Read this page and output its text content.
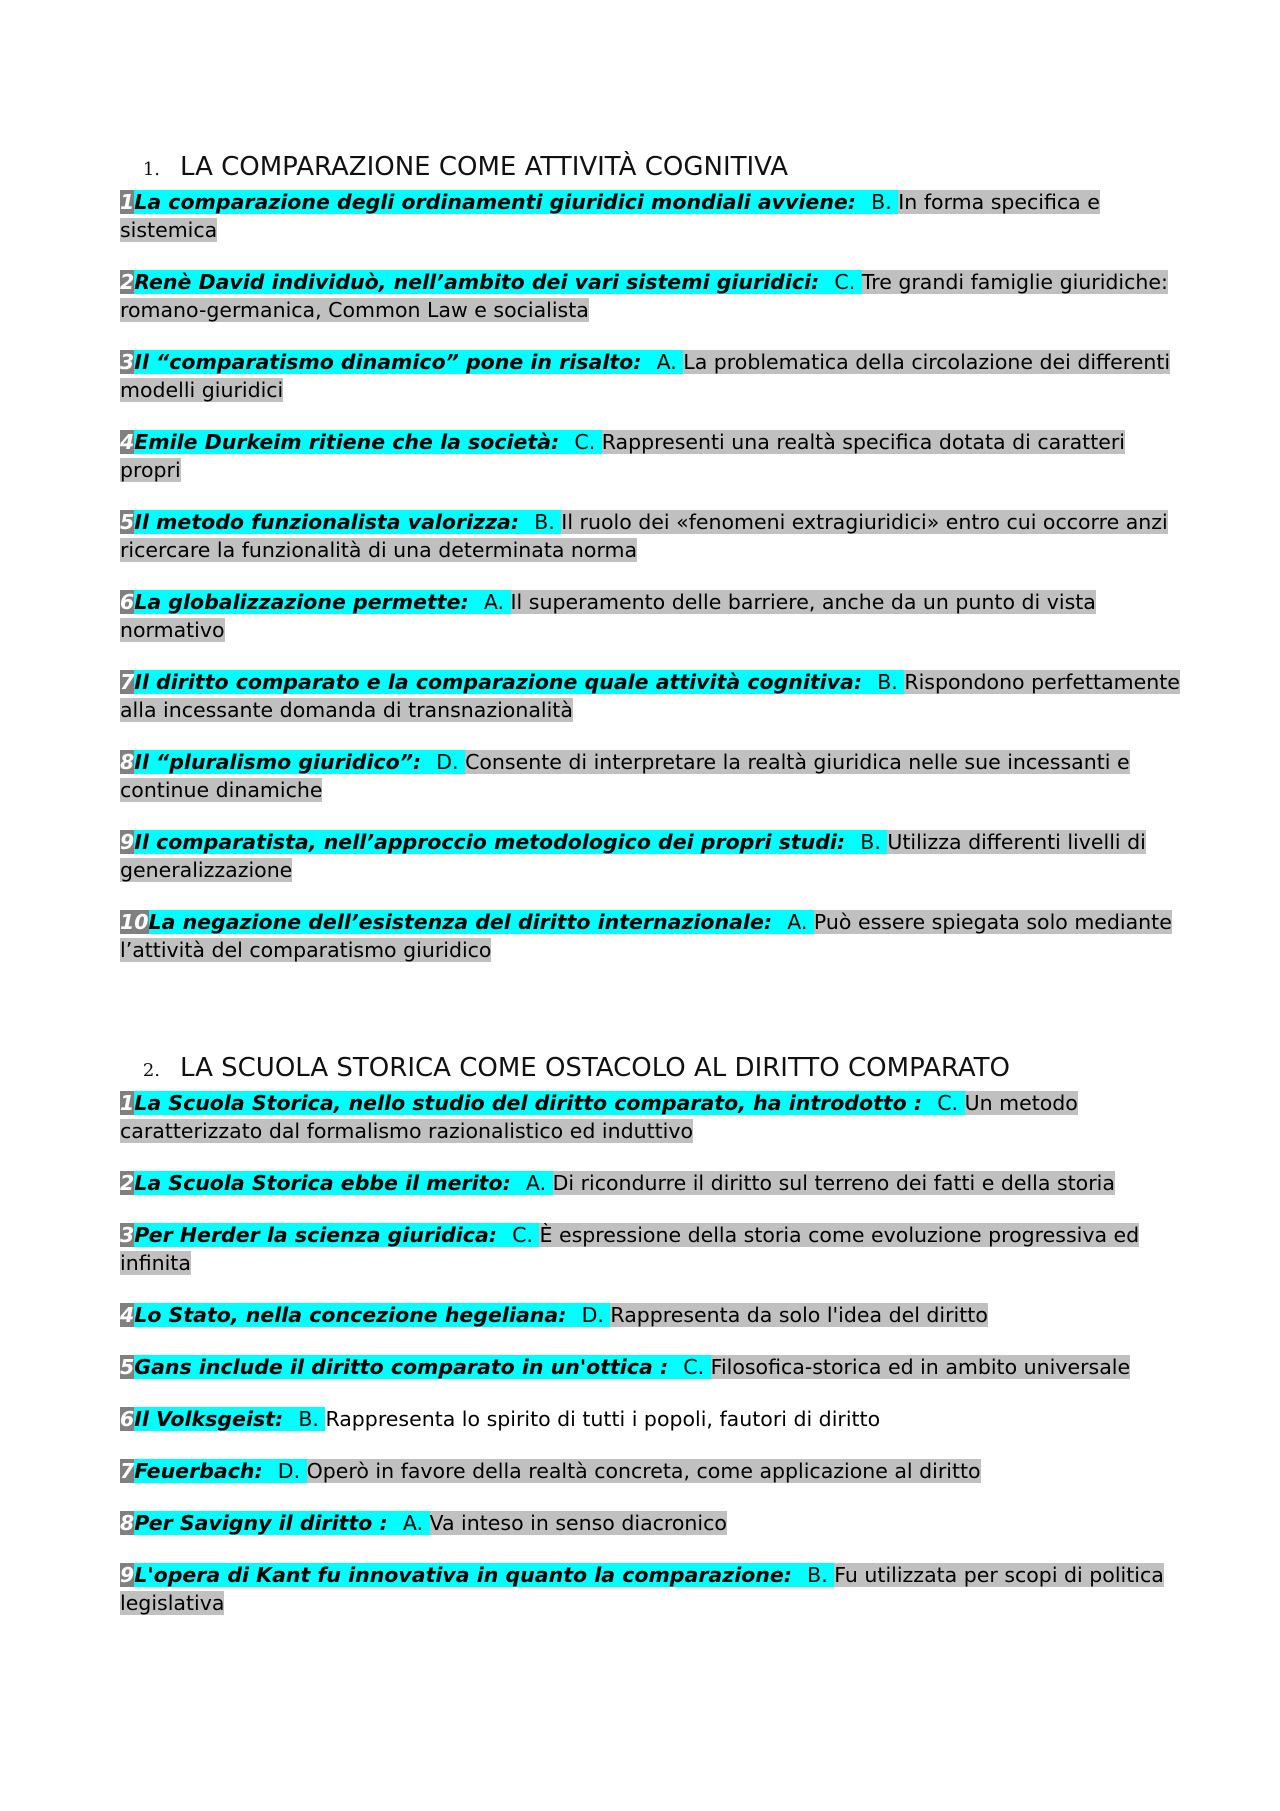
1. LA COMPARAZIONE COME ATTIVITÀ COGNITIVA

1La comparazione degli ordinamenti giuridici mondiali avviene: B. In forma specifica e sistemica

2Renè David individuò, nell’ambito dei vari sistemi giuridici: C. Tre grandi famiglie giuridiche: romano-germanica, Common Law e socialista

3Il “comparatismo dinamico” pone in risalto: A. La problematica della circolazione dei differenti modelli giuridici

4Emile Durkeim ritiene che la società: C. Rappresenti una realtà specifica dotata di caratteri propri

5Il metodo funzionalista valorizza: B. Il ruolo dei «fenomeni extragiuridici» entro cui occorre anzi ricercare la funzionalità di una determinata norma

6La globalizzazione permette: A. Il superamento delle barriere, anche da un punto di vista normativo

7Il diritto comparato e la comparazione quale attività cognitiva: B. Rispondono perfettamente alla incessante domanda di transnazionalità

8Il “pluralismo giuridico”: D. Consente di interpretare la realtà giuridica nelle sue incessanti e continue dinamiche

9Il comparatista, nell’approccio metodologico dei propri studi: B. Utilizza differenti livelli di generalizzazione

10La negazione dell’esistenza del diritto internazionale: A. Può essere spiegata solo mediante l’attività del comparatismo giuridico

2. LA SCUOLA STORICA COME OSTACOLO AL DIRITTO COMPARATO

1La Scuola Storica, nello studio del diritto comparato, ha introdotto : C. Un metodo caratterizzato dal formalismo razionalistico ed induttivo

2La Scuola Storica ebbe il merito: A. Di ricondurre il diritto sul terreno dei fatti e della storia

3Per Herder la scienza giuridica: C. È espressione della storia come evoluzione progressiva ed infinita

4Lo Stato, nella concezione hegeliana: D. Rappresenta da solo l'idea del diritto

5Gans include il diritto comparato in un'ottica : C. Filosofica-storica ed in ambito universale

6Il Volksgeist: B. Rappresenta lo spirito di tutti i popoli, fautori di diritto

7Feuerbach: D. Operò in favore della realtà concreta, come applicazione al diritto

8Per Savigny il diritto : A. Va inteso in senso diacronico

9L'opera di Kant fu innovativa in quanto la comparazione: B. Fu utilizzata per scopi di politica legislativa
